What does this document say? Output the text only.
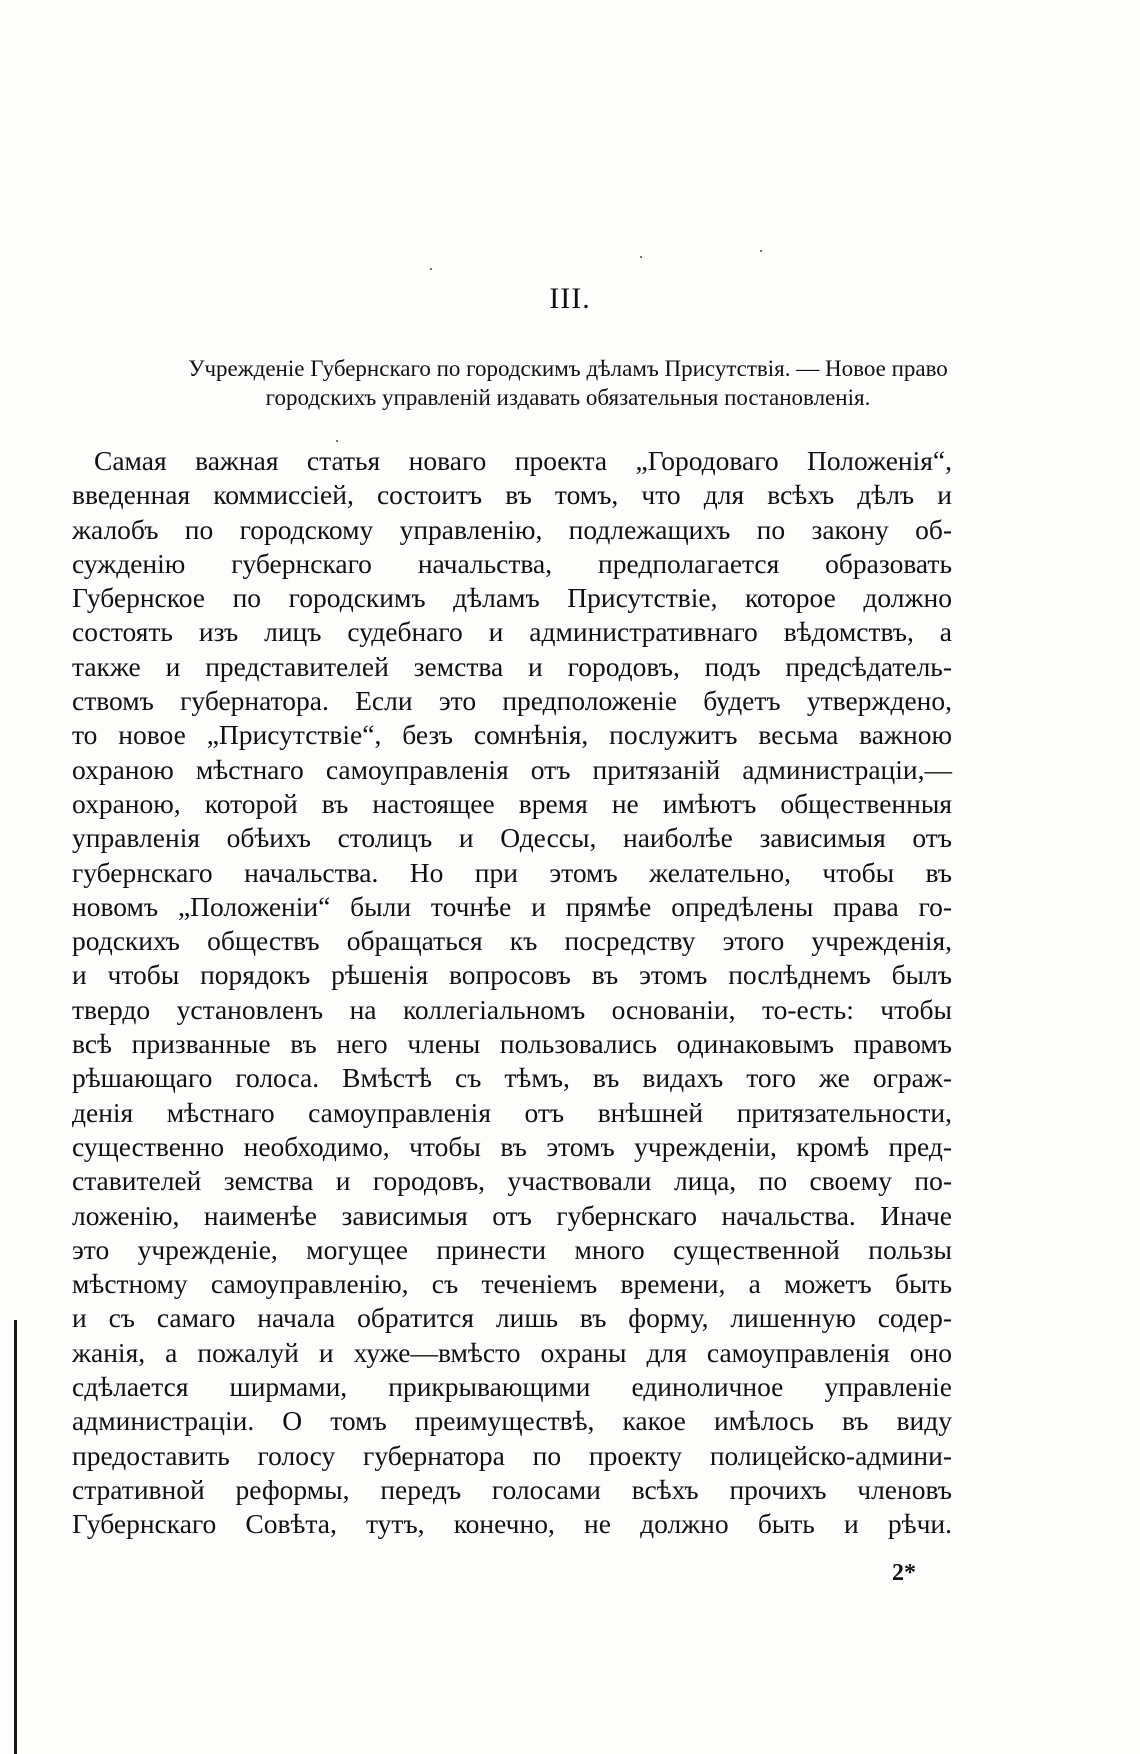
III.
Учрежденіе Губернскаго по городскимъ дѣламъ Присутствія. — Новое право
городскихъ управленій издавать обязательныя постановленія.
Самая важная статья новаго проекта „Городоваго Положенія“,
введенная коммиссіей, состоитъ въ томъ, что для всѣхъ дѣлъ и
жалобъ по городскому управленію, подлежащихъ по закону об-
сужденію губернскаго начальства, предполагается образовать
Губернское по городскимъ дѣламъ Присутствіе, которое должно
состоять изъ лицъ судебнаго и административнаго вѣдомствъ, а
также и представителей земства и городовъ, подъ предсѣдатель-
ствомъ губернатора. Если это предположеніе будетъ утверждено,
то новое „Присутствіе“, безъ сомнѣнія, послужитъ весьма важною
охраною мѣстнаго самоуправленія отъ притязаній администраціи,—
охраною, которой въ настоящее время не имѣютъ общественныя
управленія обѣихъ столицъ и Одессы, наиболѣе зависимыя отъ
губернскаго начальства. Но при этомъ желательно, чтобы въ
новомъ „Положеніи“ были точнѣе и прямѣе опредѣлены права го-
родскихъ обществъ обращаться къ посредству этого учрежденія,
и чтобы порядокъ рѣшенія вопросовъ въ этомъ послѣднемъ былъ
твердо установленъ на коллегіальномъ основаніи, то-есть: чтобы
всѣ призванные въ него члены пользовались одинаковымъ правомъ
рѣшающаго голоса. Вмѣстѣ съ тѣмъ, въ видахъ того же ограж-
денія мѣстнаго самоуправленія отъ внѣшней притязательности,
существенно необходимо, чтобы въ этомъ учрежденіи, кромѣ пред-
ставителей земства и городовъ, участвовали лица, по своему по-
ложенію, наименѣе зависимыя отъ губернскаго начальства. Иначе
это учрежденіе, могущее принести много существенной пользы
мѣстному самоуправленію, съ теченіемъ времени, а можетъ быть
и съ самаго начала обратится лишь въ форму, лишенную содер-
жанія, а пожалуй и хуже—вмѣсто охраны для самоуправленія оно
сдѣлается ширмами, прикрывающими единоличное управленіе
администраціи. О томъ преимуществѣ, какое имѣлось въ виду
предоставить голосу губернатора по проекту полицейско-админи-
стративной реформы, передъ голосами всѣхъ прочихъ членовъ
Губернскаго Совѣта, тутъ, конечно, не должно быть и рѣчи.
2*
